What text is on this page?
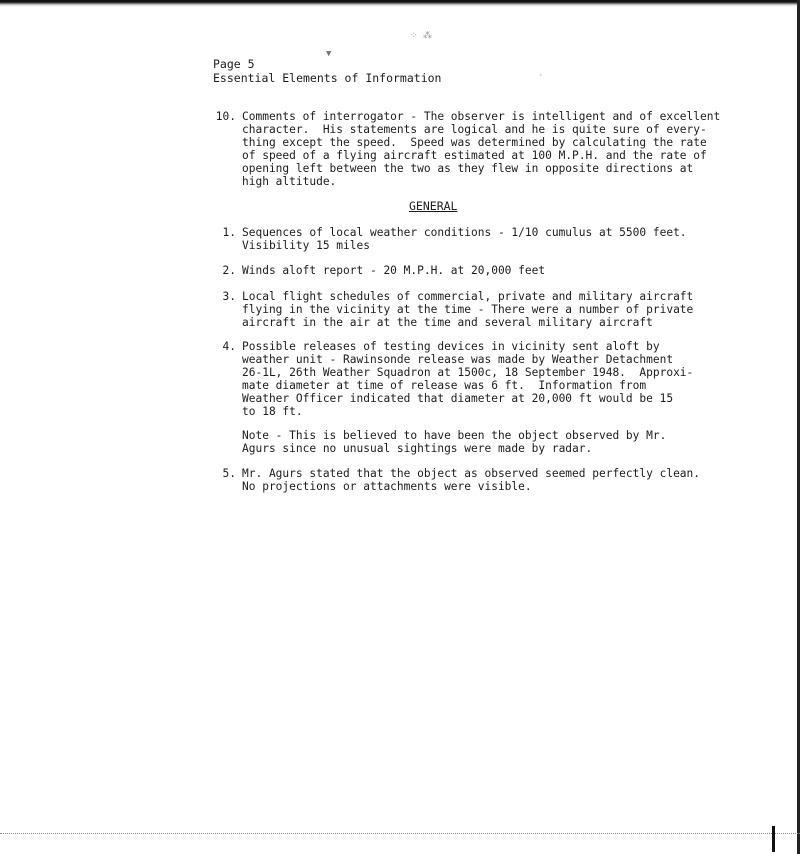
▼
⁘ ⁂
·
Page 5
Essential Elements of Information
10. Comments of interrogator - The observer is intelligent and of excellent
character.  His statements are logical and he is quite sure of every-
thing except the speed.  Speed was determined by calculating the rate
of speed of a flying aircraft estimated at 100 M.P.H. and the rate of
opening left between the two as they flew in opposite directions at
high altitude.
GENERAL
1. Sequences of local weather conditions - 1/10 cumulus at 5500 feet.
Visibility 15 miles
2. Winds aloft report - 20 M.P.H. at 20,000 feet
3. Local flight schedules of commercial, private and military aircraft
flying in the vicinity at the time - There were a number of private
aircraft in the air at the time and several military aircraft
4. Possible releases of testing devices in vicinity sent aloft by
weather unit - Rawinsonde release was made by Weather Detachment
26-1L, 26th Weather Squadron at 1500c, 18 September 1948.  Approxi-
mate diameter at time of release was 6 ft.  Information from
Weather Officer indicated that diameter at 20,000 ft would be 15
to 18 ft.
Note - This is believed to have been the object observed by Mr.
Agurs since no unusual sightings were made by radar.
5. Mr. Agurs stated that the object as observed seemed perfectly clean.
No projections or attachments were visible.
